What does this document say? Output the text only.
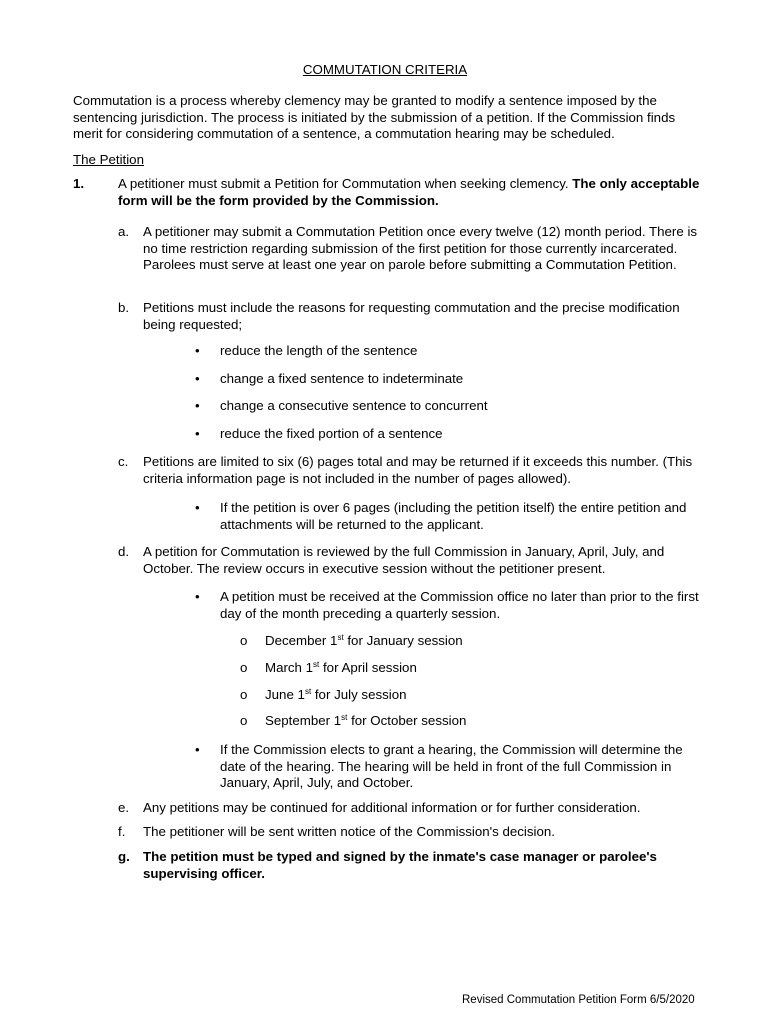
COMMUTATION CRITERIA
Commutation is a process whereby clemency may be granted to modify a sentence imposed by the sentencing jurisdiction. The process is initiated by the submission of a petition. If the Commission finds merit for considering commutation of a sentence, a commutation hearing may be scheduled.
The Petition
1.	A petitioner must submit a Petition for Commutation when seeking clemency. The only acceptable form will be the form provided by the Commission.
a. A petitioner may submit a Commutation Petition once every twelve (12) month period. There is no time restriction regarding submission of the first petition for those currently incarcerated. Parolees must serve at least one year on parole before submitting a Commutation Petition.
b. Petitions must include the reasons for requesting commutation and the precise modification being requested;
• reduce the length of the sentence
• change a fixed sentence to indeterminate
• change a consecutive sentence to concurrent
• reduce the fixed portion of a sentence
c. Petitions are limited to six (6) pages total and may be returned if it exceeds this number. (This criteria information page is not included in the number of pages allowed).
• If the petition is over 6 pages (including the petition itself) the entire petition and attachments will be returned to the applicant.
d. A petition for Commutation is reviewed by the full Commission in January, April, July, and October. The review occurs in executive session without the petitioner present.
• A petition must be received at the Commission office no later than prior to the first day of the month preceding a quarterly session.
o December 1st for January session
o March 1st for April session
o June 1st for July session
o September 1st for October session
• If the Commission elects to grant a hearing, the Commission will determine the date of the hearing. The hearing will be held in front of the full Commission in January, April, July, and October.
e. Any petitions may be continued for additional information or for further consideration.
f. The petitioner will be sent written notice of the Commission's decision.
g. The petition must be typed and signed by the inmate's case manager or parolee's supervising officer.
Revised Commutation Petition Form 6/5/2020
